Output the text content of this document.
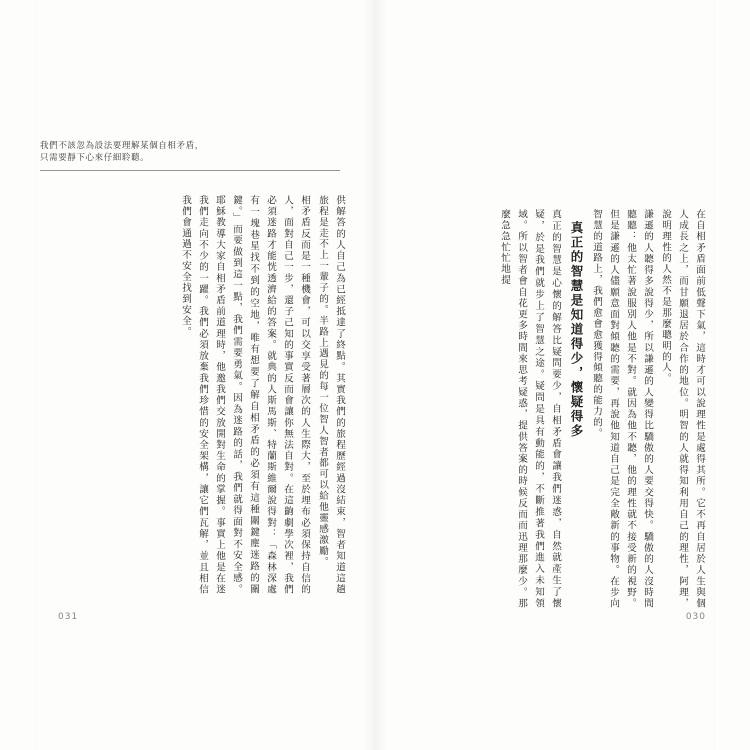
我們不該忽為設法要理解某個自相矛盾，
只需要靜下心來仔細聆聽。
在自相矛盾面前低聲下氣，這時才可以說理性是處得其所。它不再自居於人生與個人成長之上，而甘願退居於合作的地位。明智的人就得知利用自己的理性，阿理，說明理性的人然不是那麼聰明的人。
謙遜的人聽得多說得少，所以謙遜的人變得比驕傲的人要交得快。驕傲的人沒時間聽聽：他太忙著說服別人他是不對。就因為他不聽，他的理性就不接受新的視野。但是謙遜的人儘願意面對傾聽的需要，再說他知道自己是完全敞新的事物。在步向智慧的道路上，我們愈會愈獲得傾聽的能力的。
真正的智慧是知道得少，懷疑得多
真正的智慧是心懷的解答比疑問要少，自相矛盾會讓我們迷惑，自然就產生了懷疑，於是我們就步上了智慧之途。疑問是具有動能的，不斷推著我們進入未知領域。所以智者會自花更多時間來思考疑惑，提供答案的時候反而而迅理那麼少。那麼急急忙忙地提
供解答的人自己為已經抵達了終點。其實我們的旅程歷經過沒結束，智者知道這趟旅程是走不上一輩子的。半路上遇見的每一位智人智者都可以給他靈感激勵。
相矛盾反而是一種機會，可以交享受著層次的人生際大，至於埋布必須保持自信的人，面對自己一步，還子己知的事實反而會讓你無法自對。在這齣劇學次裡，我們必須迷路才能恍透濟給的答案。就典的人斯馬斯、特蘭斯維爾說得對：「森林深處有一塊巷星找不到的空地，唯有想要了解自相矛盾的必須有這種關鍵塵迷路的關鍵。」而要做到這一點，我們需要勇氣。因為迷路的話，我們就得面對不安全感。耶穌教導大家自相矛盾前道理時，他邀我們交放開對生命的掌握。事實上他是在迷我們走向不少的一躍。我們必須放棄我們珍惜的安全架構，讓它們瓦解，並且相信我們會通過不安全找到安全。
031	030
